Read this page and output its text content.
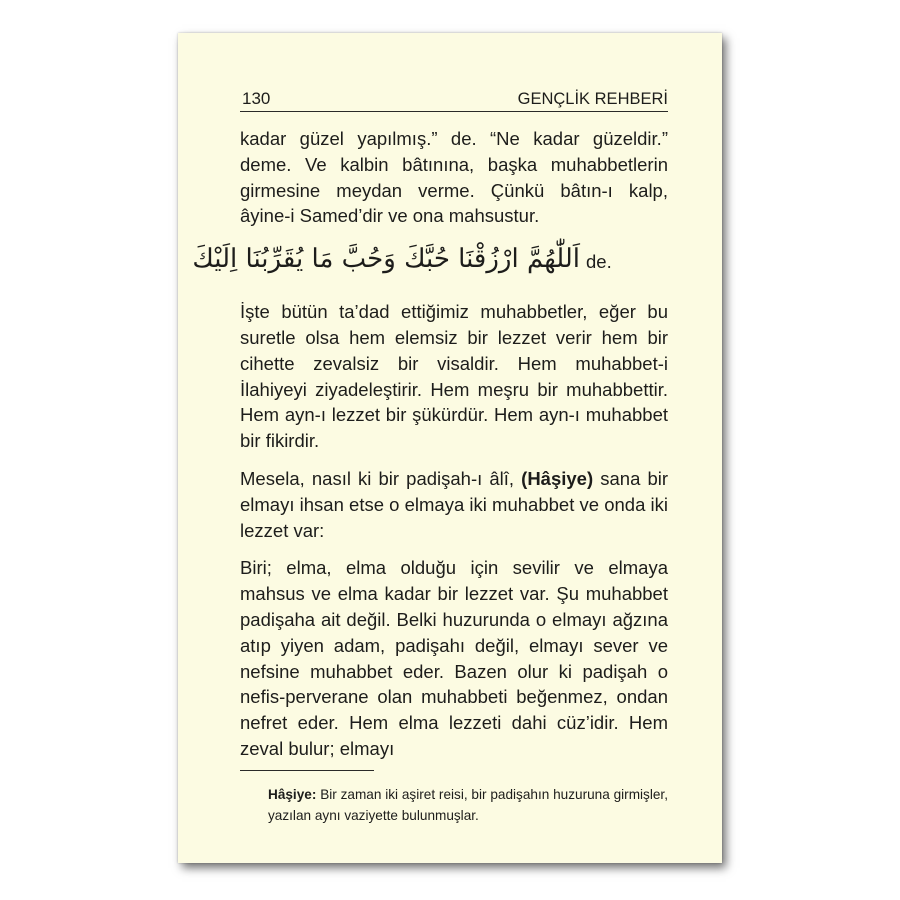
130	GENÇLİK REHBERİ

kadar güzel yapılmış.” de. “Ne kadar güzeldir.” deme. Ve kalbin bâtınına, başka muhabbetlerin girmesine meydan verme. Çünkü bâtın-ı kalp, âyine-i Samed’dir ve ona mahsustur.

اَللّٰهُمَّ ارْزُقْنَا حُبَّكَ وَحُبَّ مَا يُقَرِّبُنَا اِلَيْكَ de.

İşte bütün ta’dad ettiğimiz muhabbetler, eğer bu suretle olsa hem elemsiz bir lezzet verir hem bir cihette zevalsiz bir visaldir. Hem muhabbet-i İlahiyeyi ziyadeleştirir. Hem meşru bir muhabbettir. Hem ayn-ı lezzet bir şükürdür. Hem ayn-ı muhabbet bir fikirdir.

Mesela, nasıl ki bir padişah-ı âlî, (Hâşiye) sana bir elmayı ihsan etse o elmaya iki muhabbet ve onda iki lezzet var:

Biri; elma, elma olduğu için sevilir ve elmaya mahsus ve elma kadar bir lezzet var. Şu muhabbet padişaha ait değil. Belki huzurunda o elmayı ağzına atıp yiyen adam, padişahı değil, elmayı sever ve nefsine muhabbet eder. Bazen olur ki padişah o nefis-perverane olan muhabbeti beğenmez, ondan nefret eder. Hem elma lezzeti dahi cüz’idir. Hem zeval bulur; elmayı

Hâşiye: Bir zaman iki aşiret reisi, bir padişahın huzuruna girmişler, yazılan aynı vaziyette bulunmuşlar.
